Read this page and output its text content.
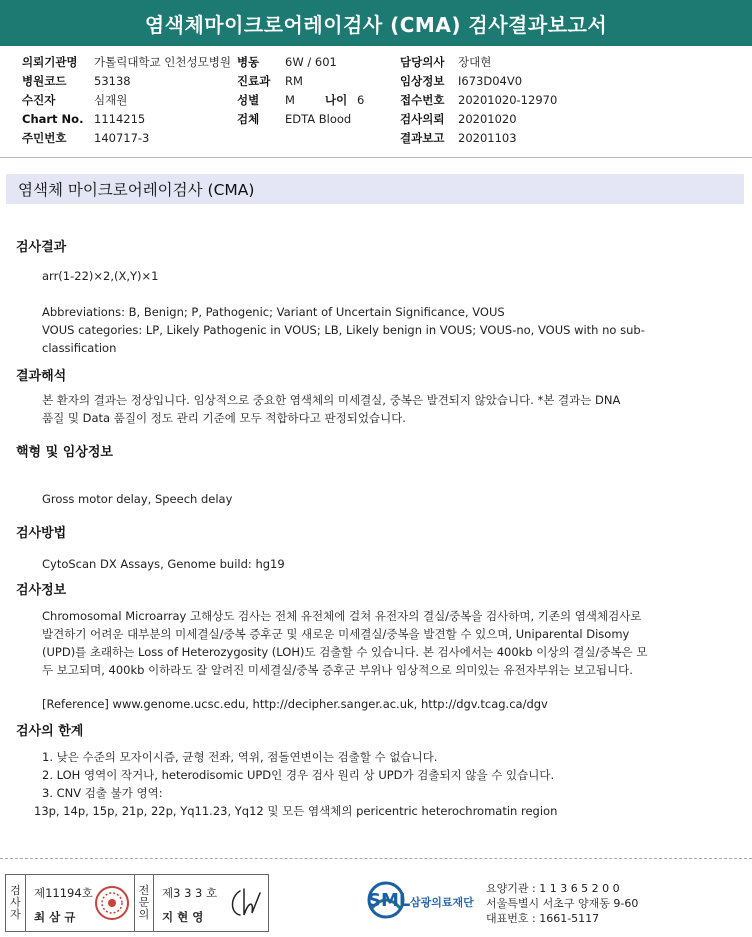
염색체마이크로어레이검사 (CMA) 검사결과보고서
의뢰기관명 가톨릭대학교 인천성모병원
병원코드 53138
수진자	심재원
Chart No. 1114215
주민번호 140717-3
병동 6W / 601
진료과 RM
성별 M	나이 6
검체 EDTA Blood
담당의사 장대현
임상정보 I673D04V0
접수번호 20201020-12970
검사의뢰 20201020
결과보고 20201103
염색체 마이크로어레이검사 (CMA)
검사결과
arr(1-22)×2,(X,Y)×1
Abbreviations: B, Benign; P, Pathogenic; Variant of Uncertain Significance, VOUS
VOUS categories: LP, Likely Pathogenic in VOUS; LB, Likely benign in VOUS; VOUS-no, VOUS with no sub-
classification
결과해석
본 환자의 결과는 정상입니다. 임상적으로 중요한 염색체의 미세결실, 중복은 발견되지 않았습니다. *본 결과는 DNA
품질 및 Data 품질이 정도 관리 기준에 모두 적합하다고 판정되었습니다.
핵형 및 임상정보
Gross motor delay, Speech delay
검사방법
CytoScan DX Assays, Genome build: hg19
검사정보
Chromosomal Microarray 고해상도 검사는 전체 유전체에 걸쳐 유전자의 결실/중복을 검사하며, 기존의 염색체검사로
발견하기 어려운 대부분의 미세결실/중복 증후군 및 새로운 미세결실/중복을 발견할 수 있으며, Uniparental Disomy
(UPD)를 초래하는 Loss of Heterozygosity (LOH)도 검출할 수 있습니다. 본 검사에서는 400kb 이상의 결실/중복은 모
두 보고되며, 400kb 이하라도 잘 알려진 미세결실/중복 증후군 부위나 임상적으로 의미있는 유전자부위는 보고됩니다.
[Reference] www.genome.ucsc.edu, http://decipher.sanger.ac.uk, http://dgv.tcag.ca/dgv
검사의 한계
1. 낮은 수준의 모자이시즘, 균형 전좌, 역위, 점돌연변이는 검출할 수 없습니다.
2. LOH 영역이 작거나, heterodisomic UPD인 경우 검사 원리 상 UPD가 검출되지 않을 수 있습니다.
3. CNV 검출 불가 영역:
13p, 14p, 15p, 21p, 22p, Yq11.23, Yq12 및 모든 염색체의 pericentric heterochromatin region
검
사
자
제11194호
최 삼 규
전
문
의
제3 3 3 호
지 현 영
SML 삼광의료재단
요양기관 : 1 1 3 6 5 2 0 0
서울특별시 서초구 양재동 9-60
대표번호 : 1661-5117
